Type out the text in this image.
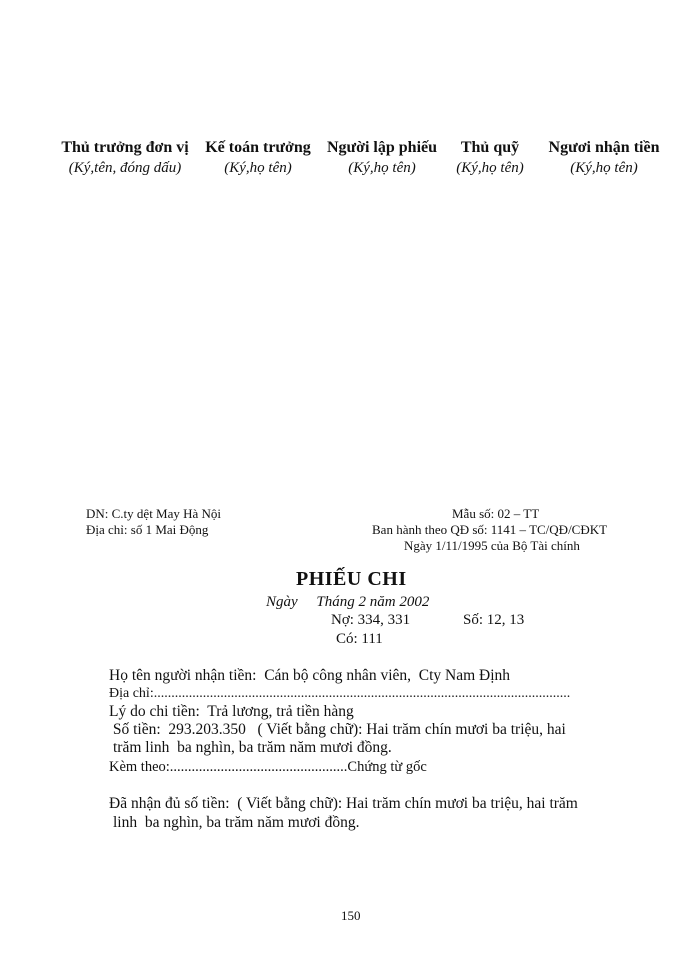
Thủ trưởng đơn vị
(Ký,tên, đóng dấu)
Kế toán trưởng
(Ký,họ tên)
Người lập phiếu
(Ký,họ tên)
Thủ quỹ
(Ký,họ tên)
Ngươi nhận tiền
(Ký,họ tên)
DN: C.ty dệt May Hà Nội
Địa chỉ: số 1 Mai Động
Mẫu số: 02 – TT
Ban hành theo QĐ số: 1141 – TC/QĐ/CĐKT
Ngày 1/11/1995 của Bộ Tài chính
PHIẾU CHI
Ngày     Tháng 2 năm 2002
Nợ: 334, 331	Số: 12, 13
Có: 111
Họ tên người nhận tiền:  Cán bộ công nhân viên,  Cty Nam Định
Địa chỉ:.......................................................................................................................
Lý do chi tiền:  Trả lương, trả tiền hàng
Số tiền:  293.203.350   ( Viết bằng chữ): Hai trăm chín mươi ba triệu, hai
trăm linh  ba nghìn, ba trăm năm mươi đồng.
Kèm theo:.................................................Chứng từ gốc
Đã nhận đủ số tiền:  ( Viết bằng chữ): Hai trăm chín mươi ba triệu, hai trăm
linh  ba nghìn, ba trăm năm mươi đồng.
150
